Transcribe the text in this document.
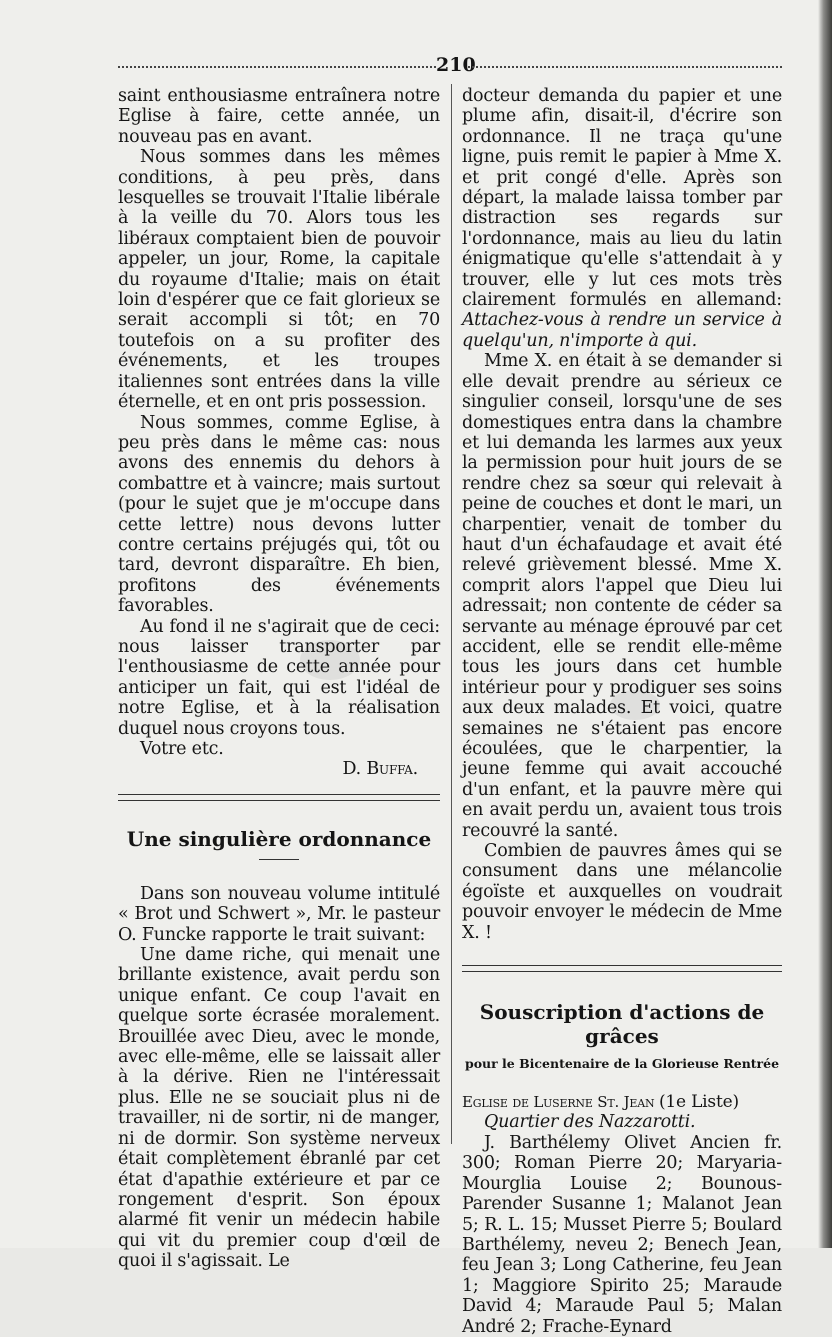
210

saint enthousiasme entraînera notre Eglise à faire, cette année, un nouveau pas en avant.

Nous sommes dans les mêmes conditions, à peu près, dans lesquelles se trouvait l'Italie libérale à la veille du 70. Alors tous les libéraux comptaient bien de pouvoir appeler, un jour, Rome, la capitale du royaume d'Italie; mais on était loin d'espérer que ce fait glorieux se serait accompli si tôt; en 70 toutefois on a su profiter des événements, et les troupes italiennes sont entrées dans la ville éternelle, et en ont pris possession.

Nous sommes, comme Eglise, à peu près dans le même cas: nous avons des ennemis du dehors à combattre et à vaincre; mais surtout (pour le sujet que je m'occupe dans cette lettre) nous devons lutter contre certains préjugés qui, tôt ou tard, devront disparaître. Eh bien, profitons des événements favorables.

Au fond il ne s'agirait que de ceci: nous laisser transporter par l'enthousiasme de cette année pour anticiper un fait, qui est l'idéal de notre Eglise, et à la réalisation duquel nous croyons tous.

Votre etc.

D. Buffa.
Une singulière ordonnance

Dans son nouveau volume intitulé « Brot und Schwert », Mr. le pasteur O. Funcke rapporte le trait suivant:

Une dame riche, qui menait une brillante existence, avait perdu son unique enfant. Ce coup l'avait en quelque sorte écrasée moralement. Brouillée avec Dieu, avec le monde, avec elle-même, elle se laissait aller à la dérive. Rien ne l'intéressait plus. Elle ne se souciait plus ni de travailler, ni de sortir, ni de manger, ni de dormir. Son système nerveux était complètement ébranlé par cet état d'apathie extérieure et par ce rongement d'esprit. Son époux alarmé fit venir un médecin habile qui vit du premier coup d'œil de quoi il s'agissait. Le

docteur demanda du papier et une plume afin, disait-il, d'écrire son ordonnance. Il ne traça qu'une ligne, puis remit le papier à Mme X. et prit congé d'elle. Après son départ, la malade laissa tomber par distraction ses regards sur l'ordonnance, mais au lieu du latin énigmatique qu'elle s'attendait à y trouver, elle y lut ces mots très clairement formulés en allemand: Attachez-vous à rendre un service à quelqu'un, n'importe à qui.

Mme X. en était à se demander si elle devait prendre au sérieux ce singulier conseil, lorsqu'une de ses domestiques entra dans la chambre et lui demanda les larmes aux yeux la permission pour huit jours de se rendre chez sa sœur qui relevait à peine de couches et dont le mari, un charpentier, venait de tomber du haut d'un échafaudage et avait été relevé grièvement blessé. Mme X. comprit alors l'appel que Dieu lui adressait; non contente de céder sa servante au ménage éprouvé par cet accident, elle se rendit elle-même tous les jours dans cet humble intérieur pour y prodiguer ses soins aux deux malades. Et voici, quatre semaines ne s'étaient pas encore écoulées, que le charpentier, la jeune femme qui avait accouché d'un enfant, et la pauvre mère qui en avait perdu un, avaient tous trois recouvré la santé.

Combien de pauvres âmes qui se consument dans une mélancolie égoïste et auxquelles on voudrait pouvoir envoyer le médecin de Mme X. !

Souscription d'actions de grâces
pour le Bicentenaire de la Glorieuse Rentrée

Eglise de Luserne St. Jean (1e Liste)

Quartier des Nazzarotti.

J. Barthélemy Olivet Ancien fr. 300; Roman Pierre 20; Maryaria-Mourglia Louise 2; Bounous-Parender Susanne 1; Malanot Jean 5; R. L. 15; Musset Pierre 5; Boulard Barthélemy, neveu 2; Benech Jean, feu Jean 3; Long Catherine, feu Jean 1; Maggiore Spirito 25; Maraude David 4; Maraude Paul 5; Malan André 2; Frache-Eynard
